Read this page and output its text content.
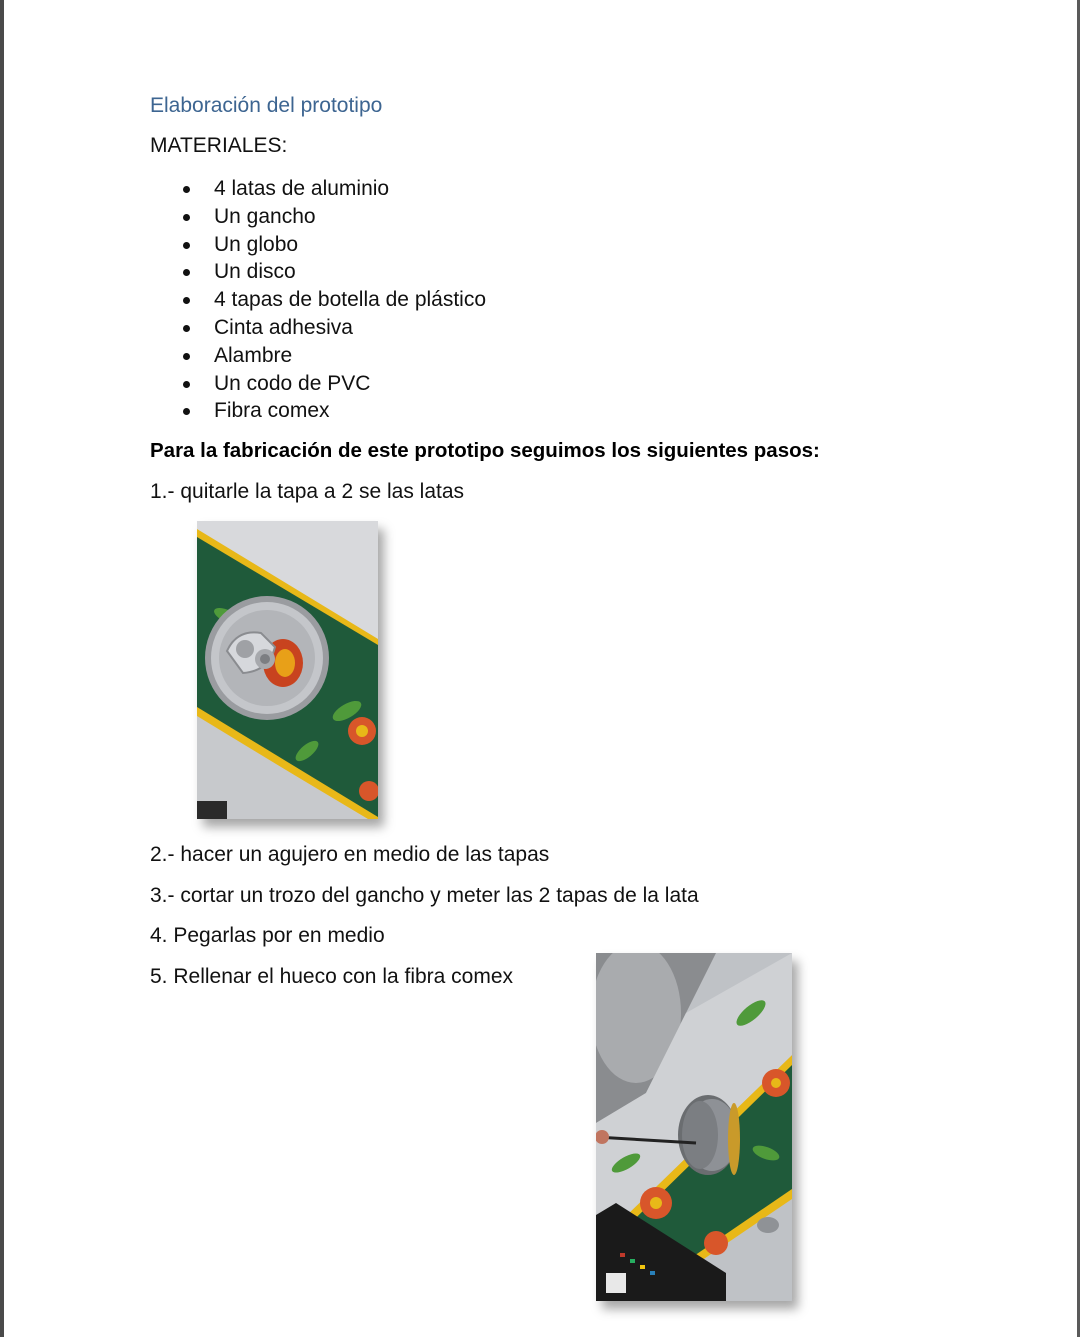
Elaboración del prototipo
MATERIALES:
4 latas de aluminio
Un gancho
Un globo
Un disco
4 tapas de botella de plástico
Cinta adhesiva
Alambre
Un codo de PVC
Fibra comex
Para la fabricación de este prototipo seguimos los siguientes pasos:
1.- quitarle la tapa a 2 se las latas
2.- hacer un agujero en medio de las tapas
3.- cortar un trozo del gancho y meter las 2 tapas de la lata
4. Pegarlas por en medio
5. Rellenar el hueco con la fibra comex
